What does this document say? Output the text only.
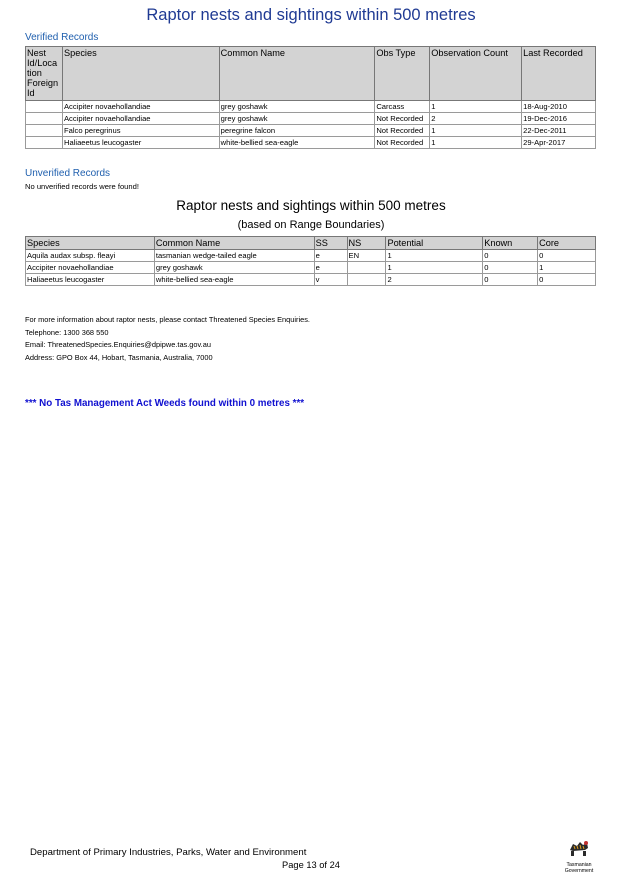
Raptor nests and sightings within 500 metres
Verified Records
Nest Id/Loca tion Foreign Id	Species	Common Name	Obs Type	Observation Count	Last Recorded
	Accipiter novaehollandiae	grey goshawk	Carcass	1	18-Aug-2010
	Accipiter novaehollandiae	grey goshawk	Not Recorded	2	19-Dec-2016
	Falco peregrinus	peregrine falcon	Not Recorded	1	22-Dec-2011
	Haliaeetus leucogaster	white-bellied sea-eagle	Not Recorded	1	29-Apr-2017
Unverified Records
No unverified records were found!
Raptor nests and sightings within 500 metres
(based on Range Boundaries)
Species	Common Name	SS	NS	Potential	Known	Core
Aquila audax subsp. fleayi	tasmanian wedge-tailed eagle	e	EN	1	0	0
Accipiter novaehollandiae	grey goshawk	e		1	0	1
Haliaeetus leucogaster	white-bellied sea-eagle	v		2	0	0
For more information about raptor nests, please contact Threatened Species Enquiries.
Telephone: 1300 368 550
Email: ThreatenedSpecies.Enquiries@dpipwe.tas.gov.au
Address: GPO Box 44, Hobart, Tasmania, Australia, 7000
*** No Tas Management Act Weeds found within 0 metres ***
Department of Primary Industries, Parks, Water and Environment
Page 13 of 24	Tasmanian
Government
